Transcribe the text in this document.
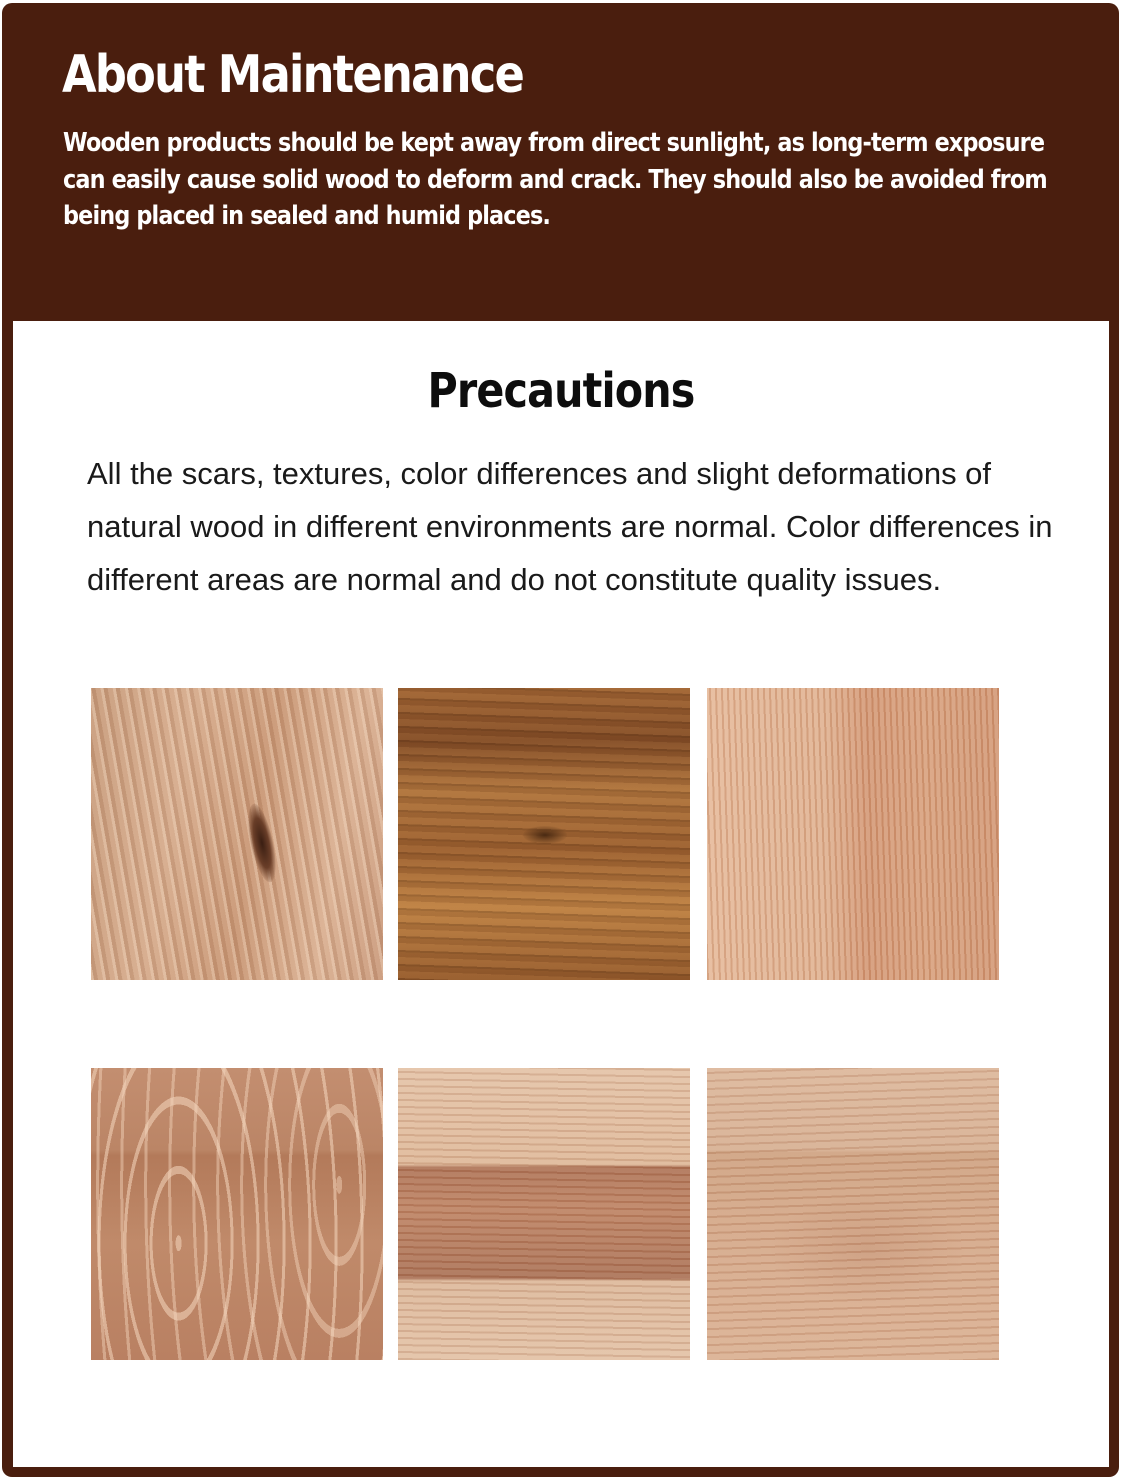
About Maintenance

Wooden products should be kept away from direct sunlight, as long-term exposure can easily cause solid wood to deform and crack. They should also be avoided from being placed in sealed and humid places.

Precautions

All the scars, textures, color differences and slight deformations of natural wood in different environments are normal. Color differences in different areas are normal and do not constitute quality issues.
